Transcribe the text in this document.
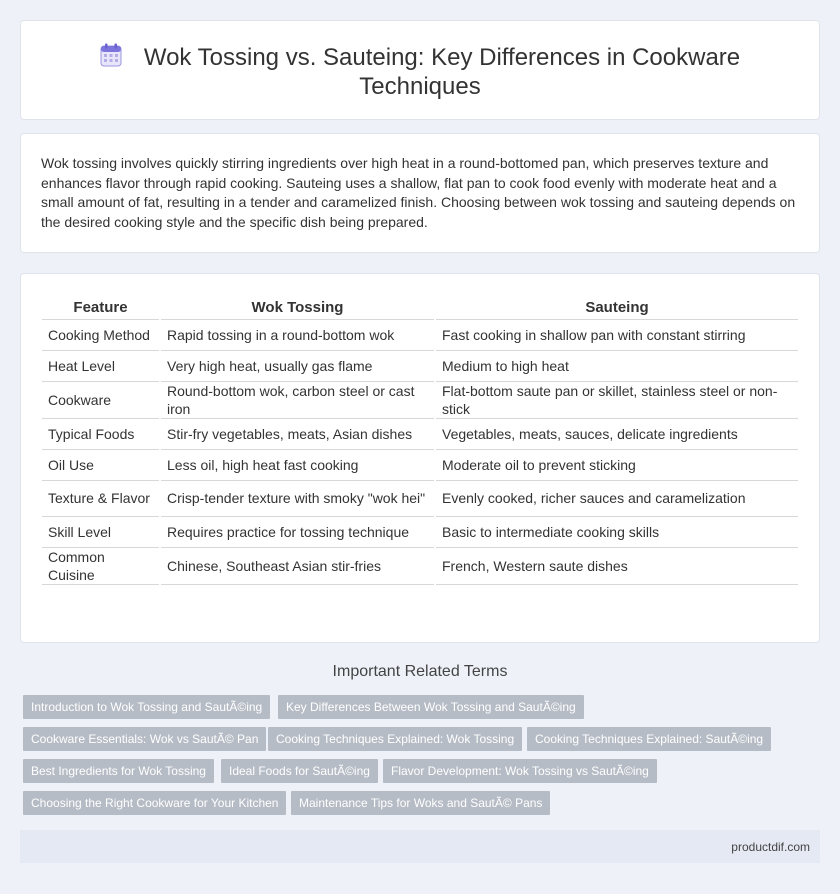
Wok Tossing vs. Sauteing: Key Differences in Cookware
Techniques

Wok tossing involves quickly stirring ingredients over high heat in a round-bottomed pan, which preserves texture and enhances flavor through rapid cooking. Sauteing uses a shallow, flat pan to cook food evenly with moderate heat and a small amount of fat, resulting in a tender and caramelized finish. Choosing between wok tossing and sauteing depends on the desired cooking style and the specific dish being prepared.

Feature	Wok Tossing	Sauteing
Cooking Method	Rapid tossing in a round-bottom wok	Fast cooking in shallow pan with constant stirring
Heat Level	Very high heat, usually gas flame	Medium to high heat
Cookware	Round-bottom wok, carbon steel or cast iron	Flat-bottom saute pan or skillet, stainless steel or non-stick
Typical Foods	Stir-fry vegetables, meats, Asian dishes	Vegetables, meats, sauces, delicate ingredients
Oil Use	Less oil, high heat fast cooking	Moderate oil to prevent sticking
Texture & Flavor	Crisp-tender texture with smoky "wok hei"	Evenly cooked, richer sauces and caramelization
Skill Level	Requires practice for tossing technique	Basic to intermediate cooking skills
Common Cuisine	Chinese, Southeast Asian stir-fries	French, Western saute dishes
Important Related Terms
Introduction to Wok Tossing and SautÃ©ing	Key Differences Between Wok Tossing and SautÃ©ing
Cookware Essentials: Wok vs SautÃ© Pan	Cooking Techniques Explained: Wok Tossing	Cooking Techniques Explained: SautÃ©ing
Best Ingredients for Wok Tossing	Ideal Foods for SautÃ©ing	Flavor Development: Wok Tossing vs SautÃ©ing
Choosing the Right Cookware for Your Kitchen	Maintenance Tips for Woks and SautÃ© Pans
productdif.com
